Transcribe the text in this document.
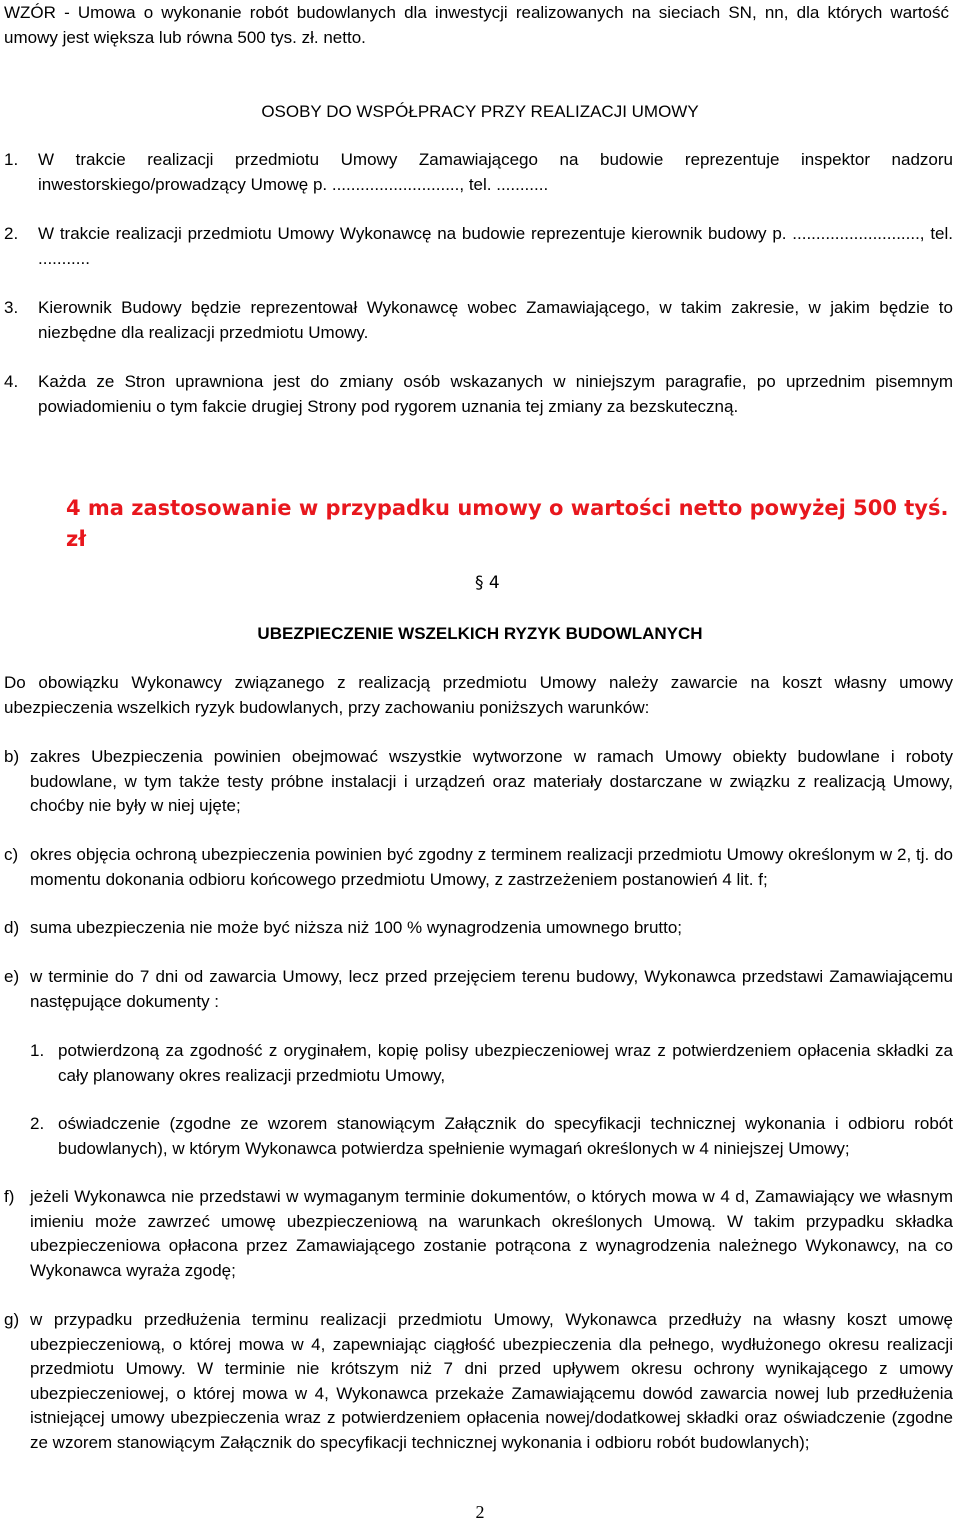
WZÓR - Umowa o wykonanie robót budowlanych dla inwestycji realizowanych na sieciach SN, nn, dla których wartość umowy jest większa lub równa 500 tys. zł. netto.
OSOBY DO WSPÓŁPRACY PRZY REALIZACJI UMOWY
1.	W trakcie realizacji przedmiotu Umowy Zamawiającego na budowie reprezentuje inspektor nadzoru inwestorskiego/prowadzący Umowę p. ..........................., tel. ...........
2.	W trakcie realizacji przedmiotu Umowy Wykonawcę na budowie reprezentuje kierownik budowy p. ..........................., tel. ...........
3.	Kierownik Budowy będzie reprezentował Wykonawcę wobec Zamawiającego, w takim zakresie, w jakim będzie to niezbędne dla realizacji przedmiotu Umowy.
4.	Każda ze Stron uprawniona jest do zmiany osób wskazanych w niniejszym paragrafie, po uprzednim pisemnym powiadomieniu o tym fakcie drugiej Strony pod rygorem uznania tej zmiany za bezskuteczną.
4 ma zastosowanie w przypadku umowy o wartości netto powyżej 500 tyś. zł
§ 4
UBEZPIECZENIE WSZELKICH RYZYK BUDOWLANYCH
Do obowiązku Wykonawcy związanego z realizacją przedmiotu Umowy należy zawarcie na koszt własny umowy ubezpieczenia wszelkich ryzyk budowlanych, przy zachowaniu poniższych warunków:
b) zakres Ubezpieczenia powinien obejmować wszystkie wytworzone w ramach Umowy obiekty budowlane i roboty budowlane, w tym także testy próbne instalacji i urządzeń oraz materiały dostarczane w związku z realizacją Umowy, choćby nie były w niej ujęte;
c) okres objęcia ochroną ubezpieczenia powinien być zgodny z terminem realizacji przedmiotu Umowy określonym w 2, tj. do momentu dokonania odbioru końcowego przedmiotu Umowy, z zastrzeżeniem postanowień 4 lit. f;
d) suma ubezpieczenia nie może być niższa niż 100 % wynagrodzenia umownego brutto;
e) w terminie do 7 dni od zawarcia Umowy, lecz przed przejęciem terenu budowy, Wykonawca przedstawi Zamawiającemu następujące dokumenty :
1. potwierdzoną za zgodność z oryginałem, kopię polisy ubezpieczeniowej wraz z potwierdzeniem opłacenia składki za cały planowany okres realizacji przedmiotu Umowy,
2. oświadczenie (zgodne ze wzorem stanowiącym Załącznik do specyfikacji technicznej wykonania i odbioru robót budowlanych), w którym Wykonawca potwierdza spełnienie wymagań określonych w 4 niniejszej Umowy;
f) jeżeli Wykonawca nie przedstawi w wymaganym terminie dokumentów, o których mowa w 4 d, Zamawiający we własnym imieniu może zawrzeć umowę ubezpieczeniową na warunkach określonych Umową. W takim przypadku składka ubezpieczeniowa opłacona przez Zamawiającego zostanie potrącona z wynagrodzenia należnego Wykonawcy, na co Wykonawca wyraża zgodę;
g) w przypadku przedłużenia terminu realizacji przedmiotu Umowy, Wykonawca przedłuży na własny koszt umowę ubezpieczeniową, o której mowa w 4, zapewniając ciągłość ubezpieczenia dla pełnego, wydłużonego okresu realizacji przedmiotu Umowy. W terminie nie krótszym niż 7 dni przed upływem okresu ochrony wynikającego z umowy ubezpieczeniowej, o której mowa w 4, Wykonawca przekaże Zamawiającemu dowód zawarcia nowej lub przedłużenia istniejącej umowy ubezpieczenia wraz z potwierdzeniem opłacenia nowej/dodatkowej składki oraz oświadczenie (zgodne ze wzorem stanowiącym Załącznik do specyfikacji technicznej wykonania i odbioru robót budowlanych);
2
